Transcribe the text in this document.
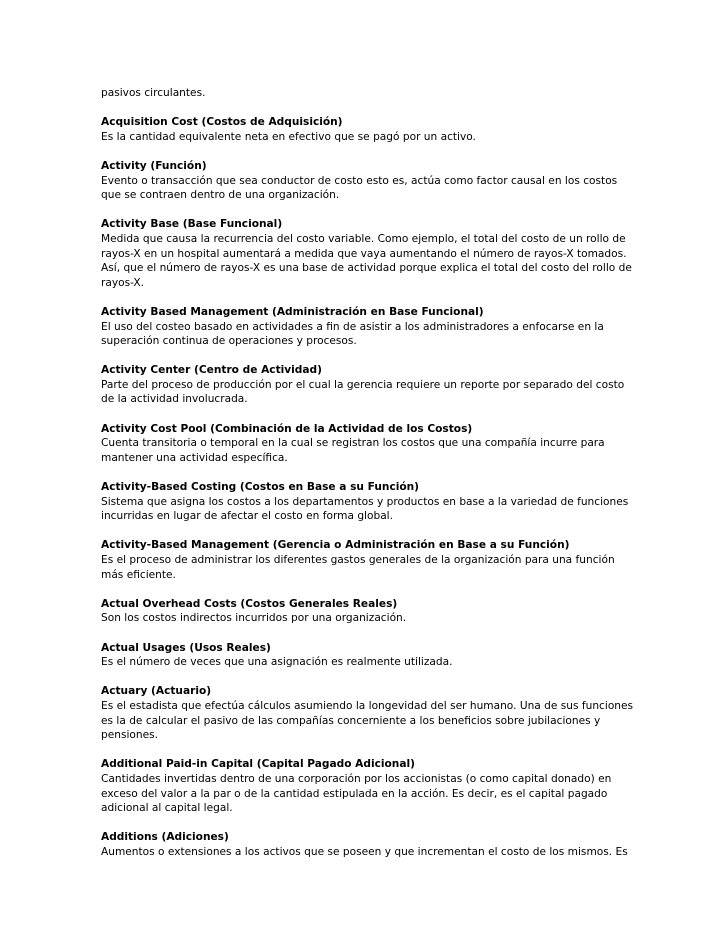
pasivos circulantes.
Acquisition Cost (Costos de Adquisición)
Es la cantidad equivalente neta en efectivo que se pagó por un activo.
Activity (Función)
Evento o transacción que sea conductor de costo esto es, actúa como factor causal en los costos
que se contraen dentro de una organización.
Activity Base (Base Funcional)
Medida que causa la recurrencia del costo variable. Como ejemplo, el total del costo de un rollo de
rayos-X en un hospital aumentará a medida que vaya aumentando el número de rayos-X tomados.
Así, que el número de rayos-X es una base de actividad porque explica el total del costo del rollo de
rayos-X.
Activity Based Management (Administración en Base Funcional)
El uso del costeo basado en actividades a fin de asistir a los administradores a enfocarse en la
superación continua de operaciones y procesos.
Activity Center (Centro de Actividad)
Parte del proceso de producción por el cual la gerencia requiere un reporte por separado del costo
de la actividad involucrada.
Activity Cost Pool (Combinación de la Actividad de los Costos)
Cuenta transitoria o temporal en la cual se registran los costos que una compañía incurre para
mantener una actividad específica.
Activity-Based Costing (Costos en Base a su Función)
Sistema que asigna los costos a los departamentos y productos en base a la variedad de funciones
incurridas en lugar de afectar el costo en forma global.
Activity-Based Management (Gerencia o Administración en Base a su Función)
Es el proceso de administrar los diferentes gastos generales de la organización para una función
más eficiente.
Actual Overhead Costs (Costos Generales Reales)
Son los costos indirectos incurridos por una organización.
Actual Usages (Usos Reales)
Es el número de veces que una asignación es realmente utilizada.
Actuary (Actuario)
Es el estadista que efectúa cálculos asumiendo la longevidad del ser humano. Una de sus funciones
es la de calcular el pasivo de las compañías concerniente a los beneficios sobre jubilaciones y
pensiones.
Additional Paid-in Capital (Capital Pagado Adicional)
Cantidades invertidas dentro de una corporación por los accionistas (o como capital donado) en
exceso del valor a la par o de la cantidad estipulada en la acción. Es decir, es el capital pagado
adicional al capital legal.
Additions (Adiciones)
Aumentos o extensiones a los activos que se poseen y que incrementan el costo de los mismos. Es
